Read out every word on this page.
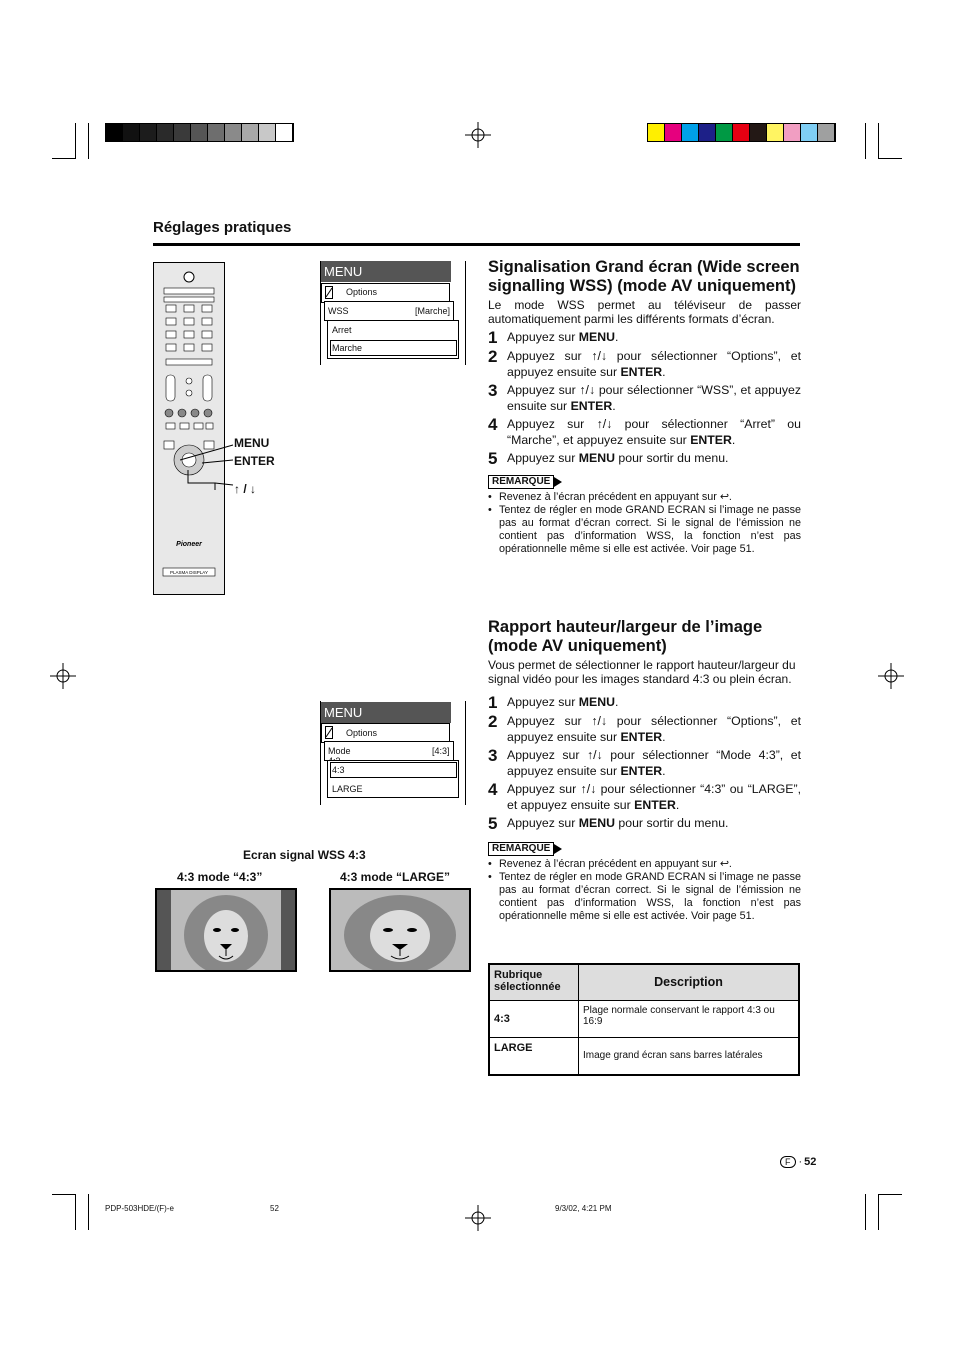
Réglages pratiques
Pioneer
PLASMA DISPLAY
MENU
ENTER
↑ / ↓
MENU
Options
WSS	[Marche]
Arret
Marche
MENU
Options
Mode	[4:3]
4:3
LARGE
Ecran signal WSS 4:3
4:3 mode “4:3”	4:3 mode “LARGE”
Signalisation Grand écran (Wide screen signalling WSS) (mode AV uniquement)
Le mode WSS permet au téléviseur de passer automatiquement parmi les différents formats d’écran.
1 Appuyez sur MENU.
2 Appuyez sur ↑/↓ pour sélectionner “Options”, et appuyez ensuite sur ENTER.
3 Appuyez sur ↑/↓ pour sélectionner “WSS”, et appuyez ensuite sur ENTER.
4 Appuyez sur ↑/↓ pour sélectionner “Arret” ou “Marche”, et appuyez ensuite sur ENTER.
5 Appuyez sur MENU pour sortir du menu.
REMARQUE
• Revenez à l’écran précédent en appuyant sur ↩.
• Tentez de régler en mode GRAND ECRAN si l’image ne passe pas au format d’écran correct. Si le signal de l’émission ne contient pas d’information WSS, la fonction n’est pas opérationnelle même si elle est activée. Voir page 51.
Rapport hauteur/largeur de l’image (mode AV uniquement)
Vous permet de sélectionner le rapport hauteur/largeur du signal vidéo pour les images standard 4:3 ou plein écran.
1 Appuyez sur MENU.
2 Appuyez sur ↑/↓ pour sélectionner “Options”, et appuyez ensuite sur ENTER.
3 Appuyez sur ↑/↓ pour sélectionner “Mode 4:3”, et appuyez ensuite sur ENTER.
4 Appuyez sur ↑/↓ pour sélectionner “4:3” ou “LARGE”, et appuyez ensuite sur ENTER.
5 Appuyez sur MENU pour sortir du menu.
REMARQUE
• Revenez à l’écran précédent en appuyant sur ↩.
• Tentez de régler en mode GRAND ECRAN si l’image ne passe pas au format d’écran correct. Si le signal de l’émission ne contient pas d’information WSS, la fonction n’est pas opérationnelle même si elle est activée. Voir page 51.
Rubrique sélectionnée	Description
4:3	Plage normale conservant le rapport 4:3 ou 16:9
LARGE	Image grand écran sans barres latérales
F · 52
PDP-503HDE/(F)-e	52	9/3/02, 4:21 PM
